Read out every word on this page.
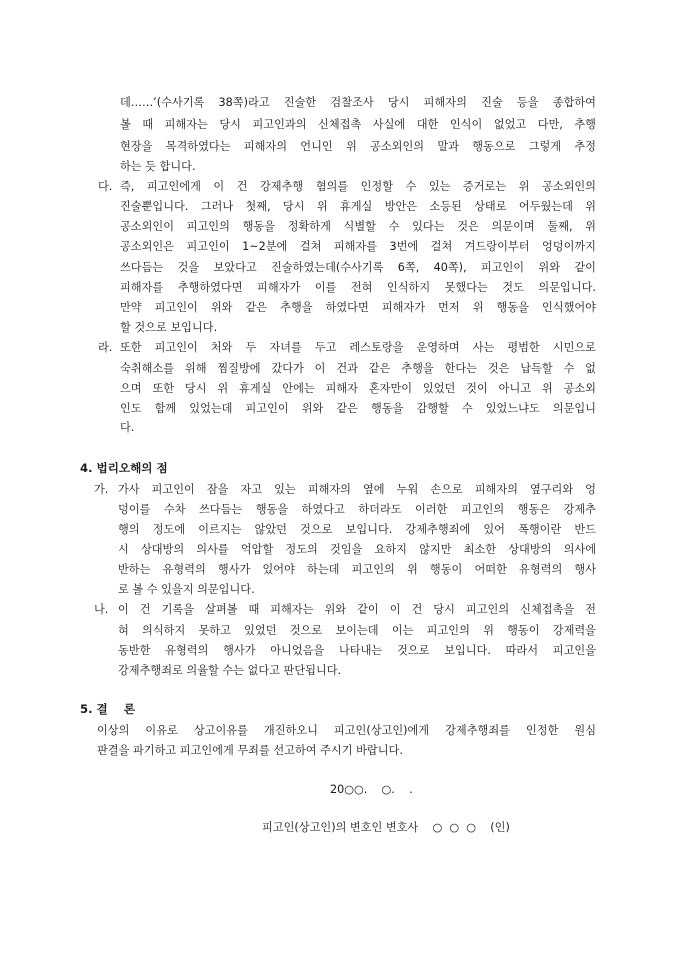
데……’(수사기록 38쪽)라고 진술한 검찰조사 당시 피해자의 진술 등을 종합하여
볼 때 피해자는 당시 피고인과의 신체접촉 사실에 대한 인식이 없었고 다만, 추행
현장을 목격하였다는 피해자의 언니인 위 공소외인의 말과 행동으로 그렇게 추정
하는 듯 합니다.
다. 즉, 피고인에게 이 건 강제추행 혐의를 인정할 수 있는 증거로는 위 공소외인의
진술뿐입니다. 그러나 첫째, 당시 위 휴게실 방안은 소등된 상태로 어두웠는데 위
공소외인이 피고인의 행동을 정확하게 식별할 수 있다는 것은 의문이며 둘째, 위
공소외인은 피고인이 1~2분에 걸쳐 피해자를 3번에 걸쳐 겨드랑이부터 엉덩이까지
쓰다듬는 것을 보았다고 진술하였는데(수사기록 6쪽, 40쪽), 피고인이 위와 같이
피해자를 추행하였다면 피해자가 이를 전혀 인식하지 못했다는 것도 의문입니다.
만약 피고인이 위와 같은 추행을 하였다면 피해자가 먼저 위 행동을 인식했어야
할 것으로 보입니다.
라. 또한 피고인이 처와 두 자녀를 두고 레스토랑을 운영하며 사는 평범한 시민으로
숙취해소를 위해 찜질방에 갔다가 이 건과 같은 추행을 한다는 것은 납득할 수 없
으며 또한 당시 위 휴게실 안에는 피해자 혼자만이 있었던 것이 아니고 위 공소외
인도 함께 있었는데 피고인이 위와 같은 행동을 감행할 수 있었느냐도 의문입니
다.
4. 법리오해의 점
가. 가사 피고인이 잠을 자고 있는 피해자의 옆에 누워 손으로 피해자의 옆구리와 엉
덩이를 수차 쓰다듬는 행동을 하였다고 하더라도 이러한 피고인의 행동은 강제추
행의 정도에 이르지는 않았던 것으로 보입니다. 강제추행죄에 있어 폭행이란 반드
시 상대방의 의사를 억압할 정도의 것임을 요하지 않지만 최소한 상대방의 의사에
반하는 유형력의 행사가 있어야 하는데 피고인의 위 행동이 어떠한 유형력의 행사
로 볼 수 있을지 의문입니다.
나. 이 건 기록을 살펴볼 때 피해자는 위와 같이 이 건 당시 피고인의 신체접촉을 전
혀 의식하지 못하고 있었던 것으로 보이는데 이는 피고인의 위 행동이 강제력을
동반한 유형력의 행사가 아니었음을 나타내는 것으로 보입니다. 따라서 피고인을
강제추행죄로 의율할 수는 없다고 판단됩니다.
5. 결    론
이상의 이유로 상고이유를 개진하오니 피고인(상고인)에게 강제추행죄를 인정한 원심
판결을 파기하고 피고인에게 무죄를 선고하여 주시기 바랍니다.
20○○.    ○.    .
피고인(상고인)의 변호인 변호사    ○  ○  ○    (인)
